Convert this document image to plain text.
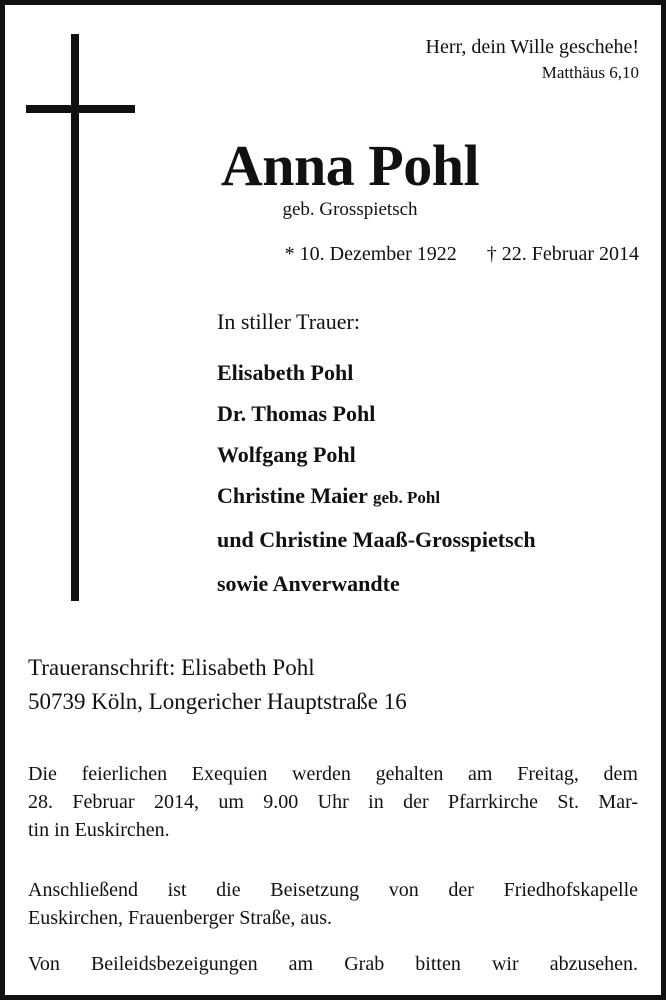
Herr, dein Wille geschehe!
Matthäus 6,10
Anna Pohl
geb. Grosspietsch
* 10. Dezember 1922 † 22. Februar 2014
In stiller Trauer:
Elisabeth Pohl
Dr. Thomas Pohl
Wolfgang Pohl
Christine Maier geb. Pohl
und Christine Maaß-Grosspietsch
sowie Anverwandte
Traueranschrift: Elisabeth Pohl
50739 Köln, Longericher Hauptstraße 16
Die feierlichen Exequien werden gehalten am Freitag, dem
28. Februar 2014, um 9.00 Uhr in der Pfarrkirche St. Mar-
tin in Euskirchen.
Anschließend ist die Beisetzung von der Friedhofskapelle
Euskirchen, Frauenberger Straße, aus.
Von Beileidsbezeigungen am Grab bitten wir abzusehen.
